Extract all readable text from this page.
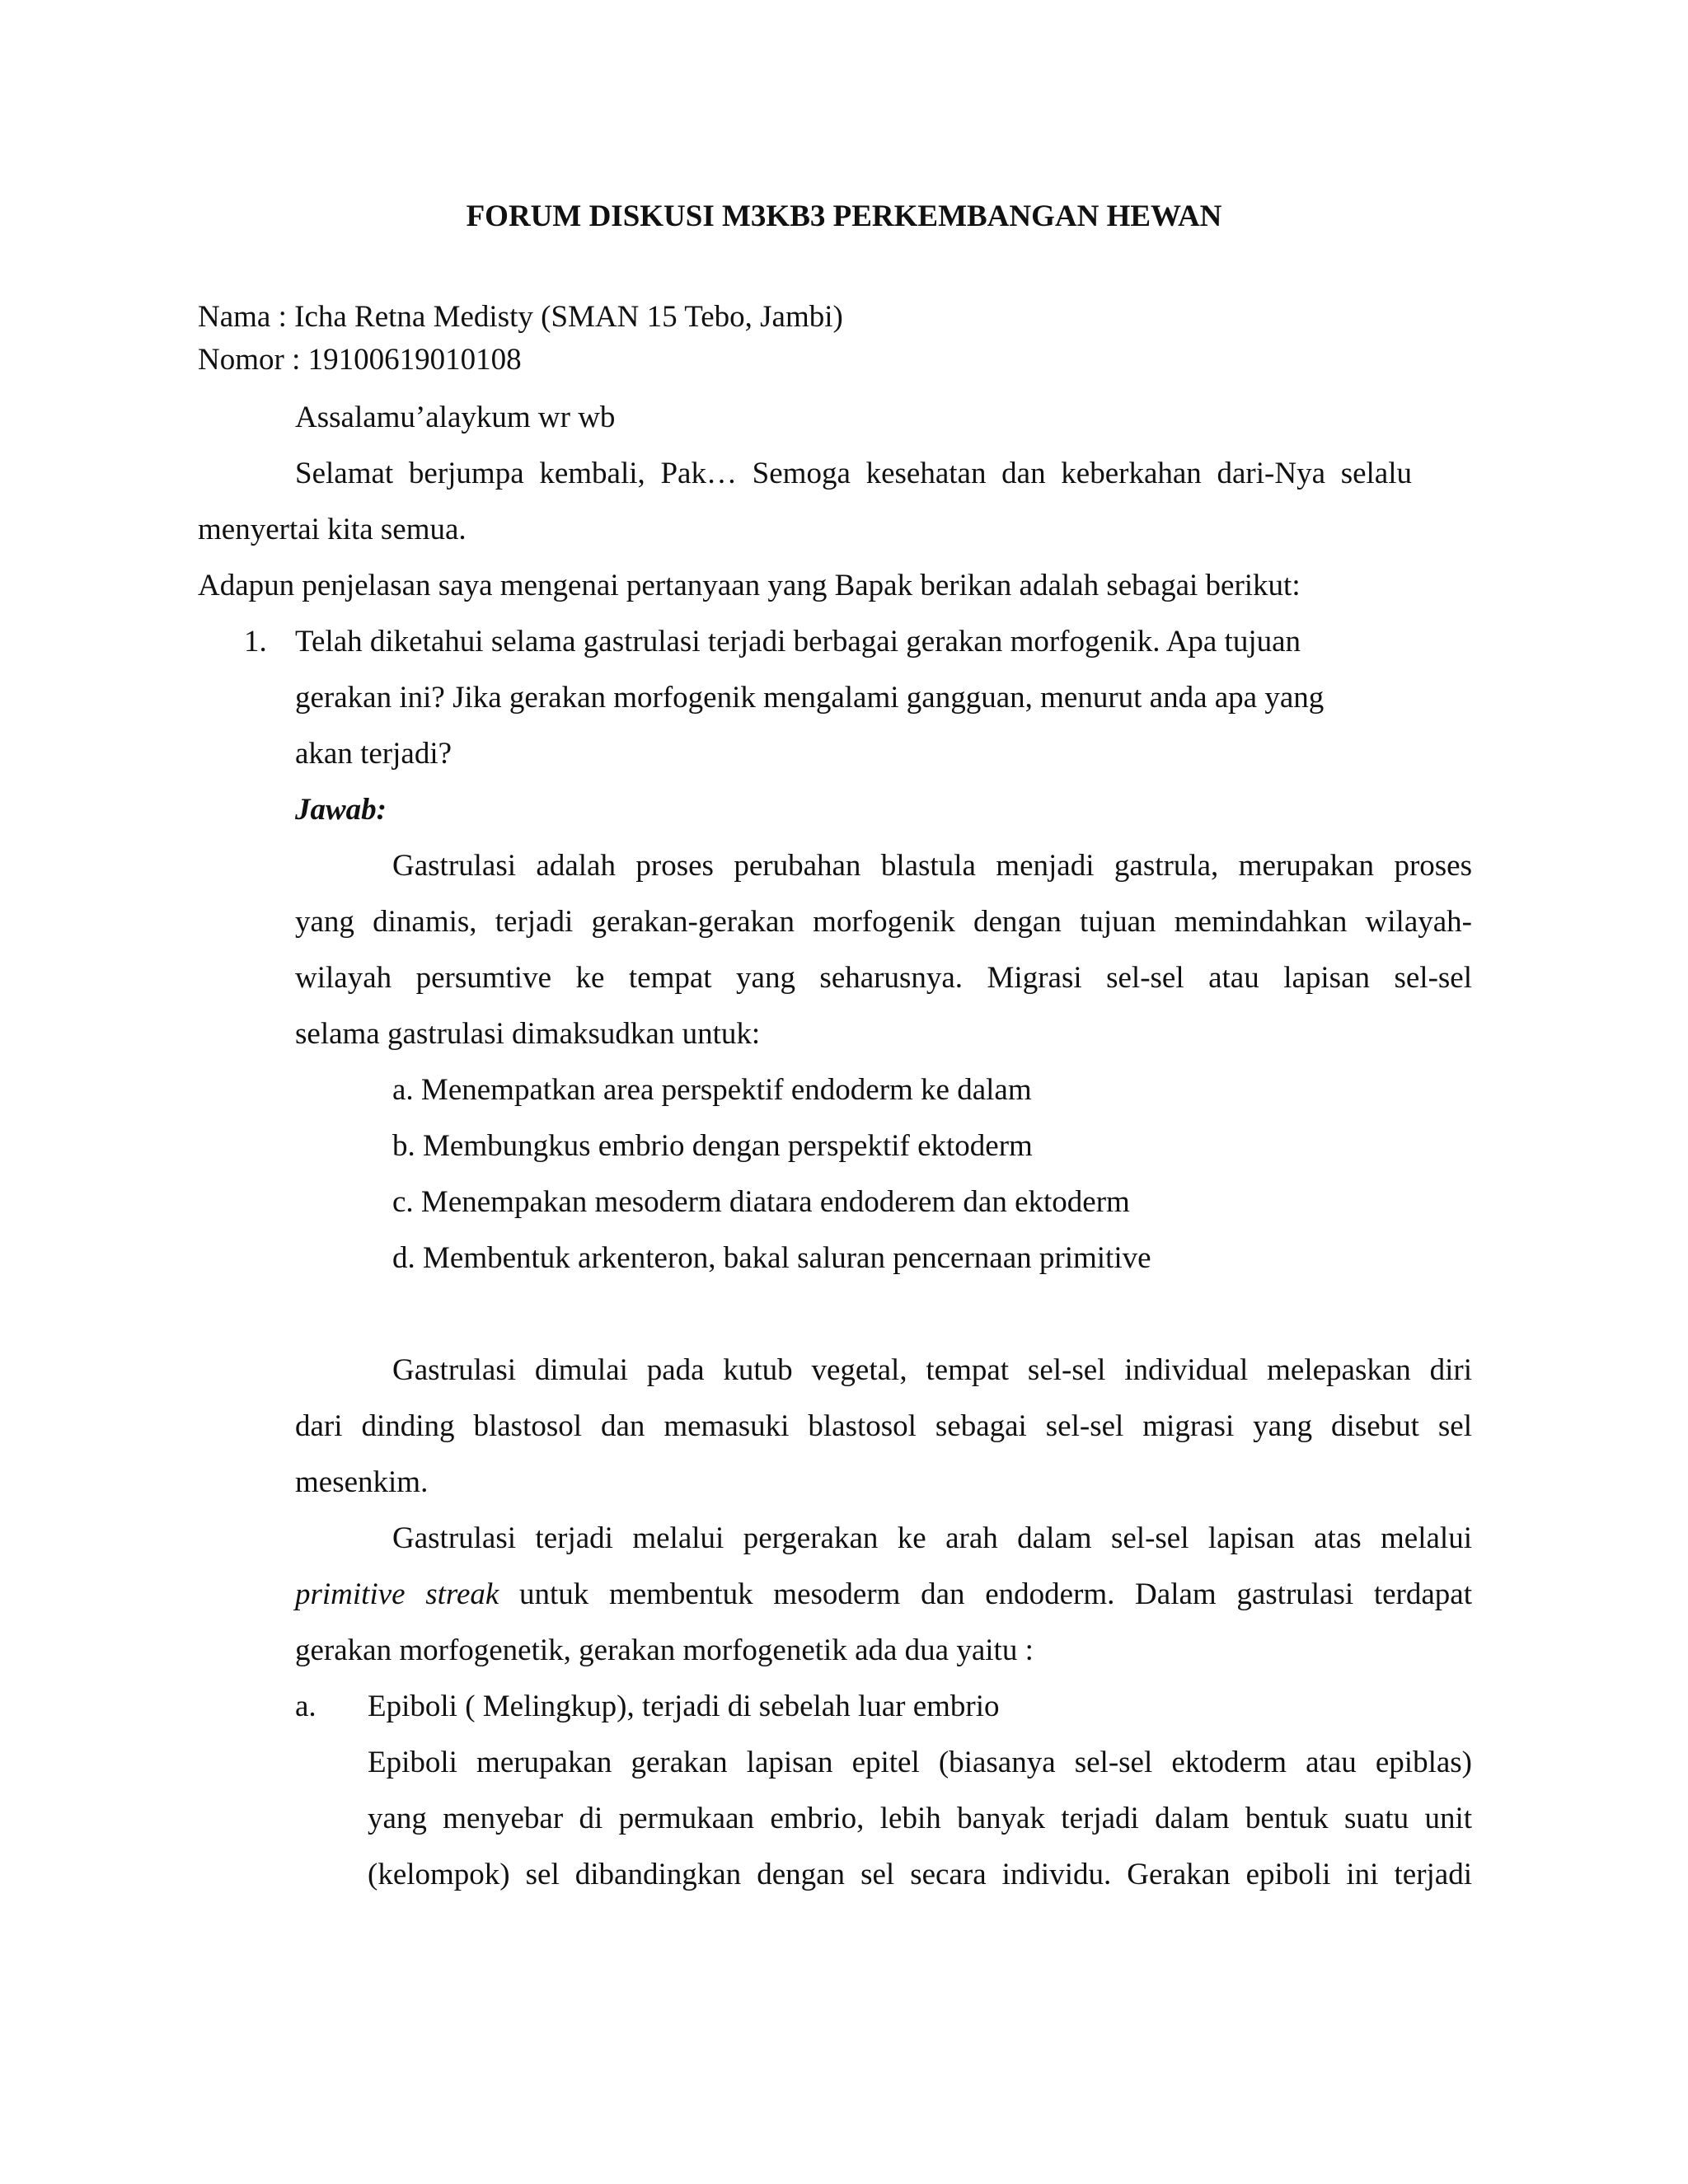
FORUM DISKUSI M3KB3 PERKEMBANGAN HEWAN

Nama : Icha Retna Medisty (SMAN 15 Tebo, Jambi)

Nomor : 19100619010108

Assalamu’alaykum wr wb

Selamat berjumpa kembali, Pak… Semoga kesehatan dan keberkahan dari-Nya selalu

menyertai kita semua.

Adapun penjelasan saya mengenai pertanyaan yang Bapak berikan adalah sebagai berikut:

1. Telah diketahui selama gastrulasi terjadi berbagai gerakan morfogenik. Apa tujuan

gerakan ini? Jika gerakan morfogenik mengalami gangguan, menurut anda apa yang

akan terjadi?

Jawab:

Gastrulasi adalah proses perubahan blastula menjadi gastrula, merupakan proses

yang dinamis, terjadi gerakan-gerakan morfogenik dengan tujuan memindahkan wilayah-

wilayah persumtive ke tempat yang seharusnya. Migrasi sel-sel atau lapisan sel-sel

selama gastrulasi dimaksudkan untuk:

a. Menempatkan area perspektif endoderm ke dalam

b. Membungkus embrio dengan perspektif ektoderm

c. Menempakan mesoderm diatara endoderem dan ektoderm

d. Membentuk arkenteron, bakal saluran pencernaan primitive

Gastrulasi dimulai pada kutub vegetal, tempat sel-sel individual melepaskan diri

dari dinding blastosol dan memasuki blastosol sebagai sel-sel migrasi yang disebut sel

mesenkim.

Gastrulasi terjadi melalui pergerakan ke arah dalam sel-sel lapisan atas melalui

primitive streak untuk membentuk mesoderm dan endoderm. Dalam gastrulasi terdapat

gerakan morfogenetik, gerakan morfogenetik ada dua yaitu :

a. Epiboli ( Melingkup), terjadi di sebelah luar embrio

Epiboli merupakan gerakan lapisan epitel (biasanya sel-sel ektoderm atau epiblas)

yang menyebar di permukaan embrio, lebih banyak terjadi dalam bentuk suatu unit

(kelompok) sel dibandingkan dengan sel secara individu. Gerakan epiboli ini terjadi
